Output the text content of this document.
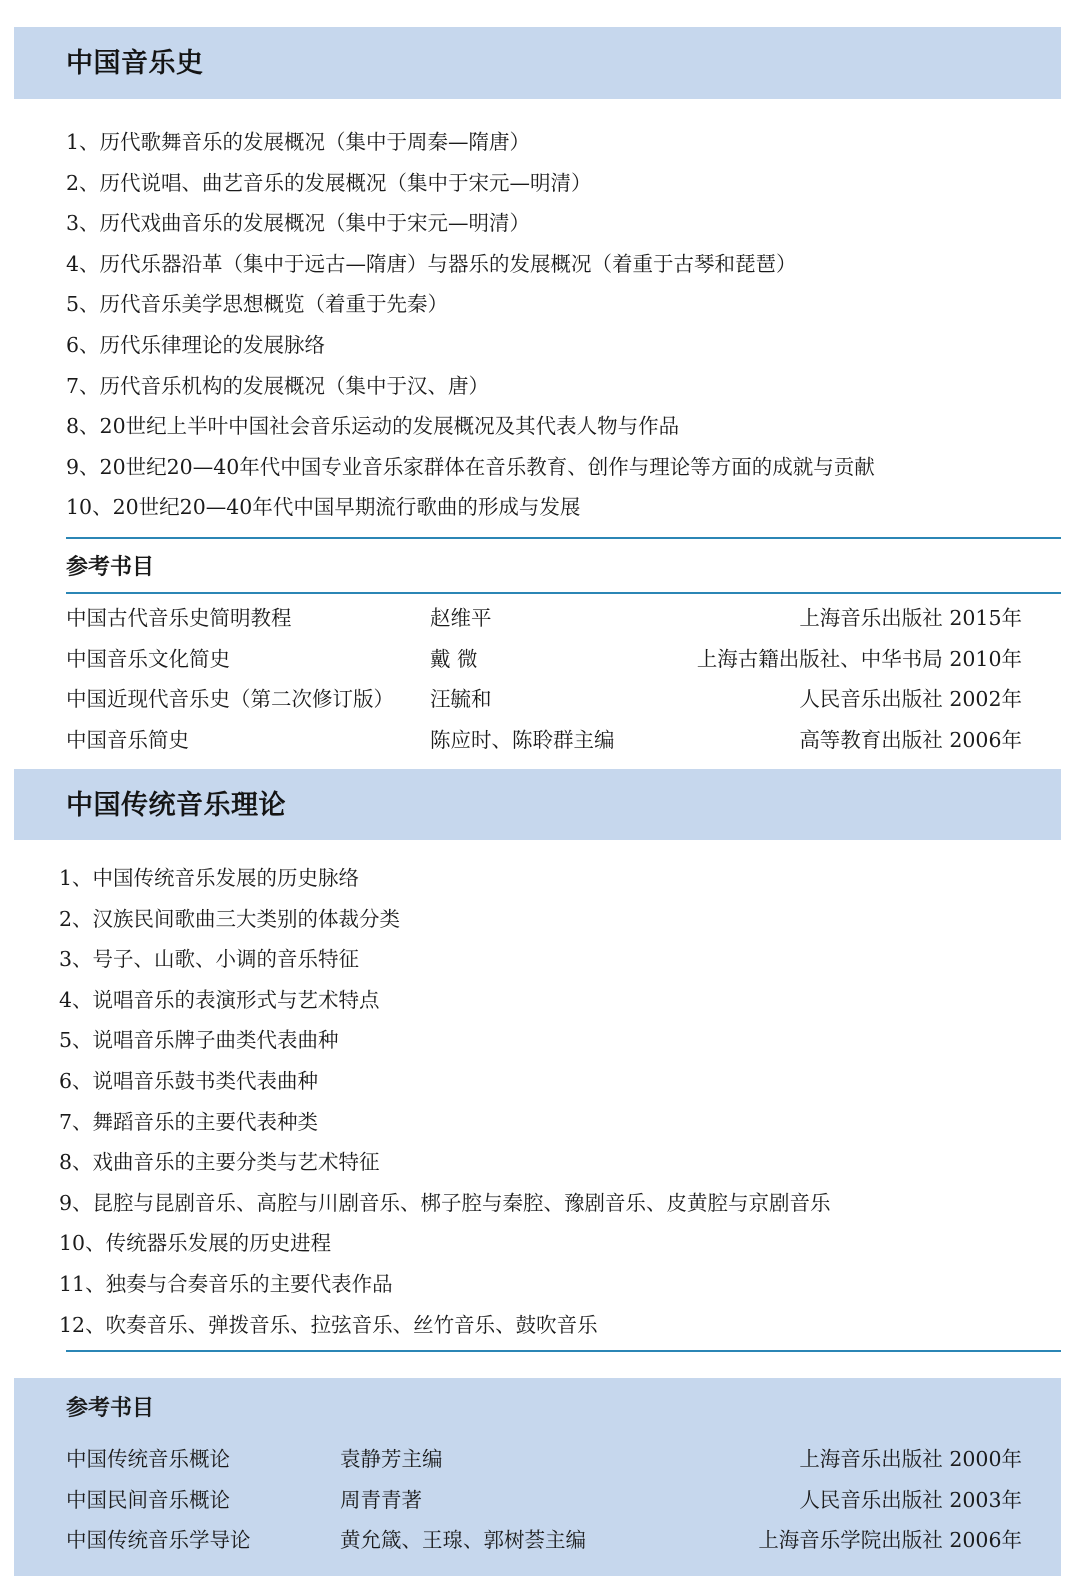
中国音乐史
1、历代歌舞音乐的发展概况（集中于周秦—隋唐）
2、历代说唱、曲艺音乐的发展概况（集中于宋元—明清）
3、历代戏曲音乐的发展概况（集中于宋元—明清）
4、历代乐器沿革（集中于远古—隋唐）与器乐的发展概况（着重于古琴和琵琶）
5、历代音乐美学思想概览（着重于先秦）
6、历代乐律理论的发展脉络
7、历代音乐机构的发展概况（集中于汉、唐）
8、20世纪上半叶中国社会音乐运动的发展概况及其代表人物与作品
9、20世纪20—40年代中国专业音乐家群体在音乐教育、创作与理论等方面的成就与贡献
10、20世纪20—40年代中国早期流行歌曲的形成与发展
参考书目
中国古代音乐史简明教程	赵维平	上海音乐出版社 2015年
中国音乐文化简史	戴 微	上海古籍出版社、中华书局 2010年
中国近现代音乐史（第二次修订版） 汪毓和	人民音乐出版社 2002年
中国音乐简史	陈应时、陈聆群主编	高等教育出版社 2006年
中国传统音乐理论
1、中国传统音乐发展的历史脉络
2、汉族民间歌曲三大类别的体裁分类
3、号子、山歌、小调的音乐特征
4、说唱音乐的表演形式与艺术特点
5、说唱音乐牌子曲类代表曲种
6、说唱音乐鼓书类代表曲种
7、舞蹈音乐的主要代表种类
8、戏曲音乐的主要分类与艺术特征
9、昆腔与昆剧音乐、高腔与川剧音乐、梆子腔与秦腔、豫剧音乐、皮黄腔与京剧音乐
10、传统器乐发展的历史进程
11、独奏与合奏音乐的主要代表作品
12、吹奏音乐、弹拨音乐、拉弦音乐、丝竹音乐、鼓吹音乐
参考书目
中国传统音乐概论	袁静芳主编	上海音乐出版社 2000年
中国民间音乐概论	周青青著	人民音乐出版社 2003年
中国传统音乐学导论	黄允箴、王瑔、郭树荟主编	上海音乐学院出版社 2006年
